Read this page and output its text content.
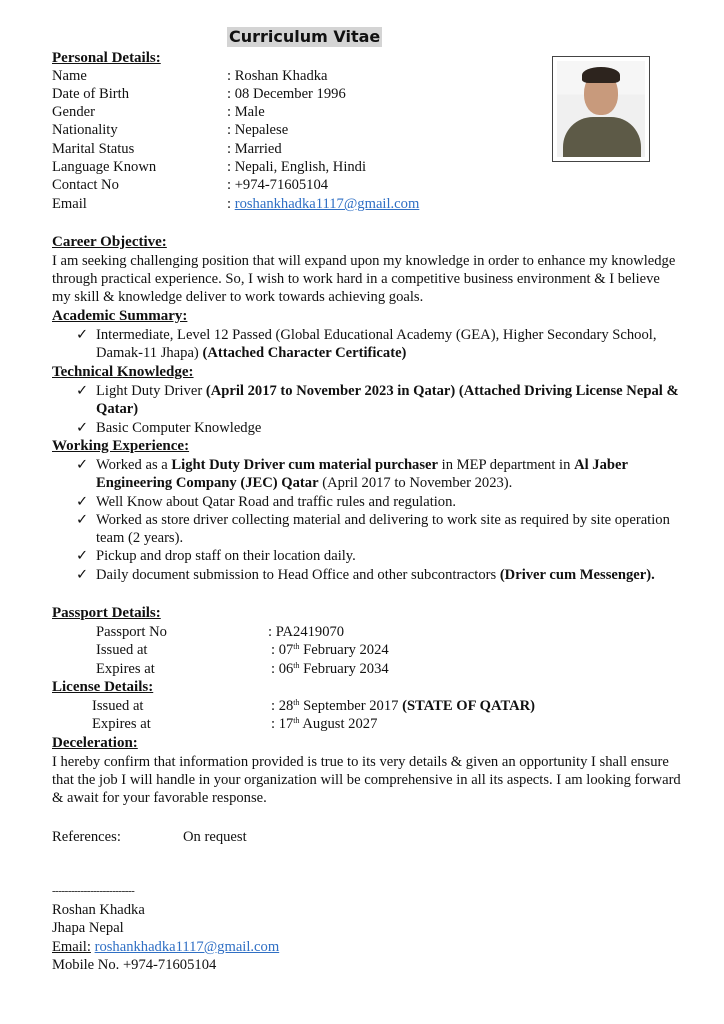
Curriculum Vitae
Personal Details:
Name	: Roshan Khadka
Date of Birth	: 08 December 1996
Gender	: Male
Nationality	: Nepalese
Marital Status	: Married
Language Known	: Nepali, English, Hindi
Contact No	: +974-71605104
Email	: roshankhadka1117@gmail.com
Career Objective:
I am seeking challenging position that will expand upon my knowledge in order to enhance my knowledge through practical experience. So, I wish to work hard in a competitive business environment & I believe my skill & knowledge deliver to work towards achieving goals.
Academic Summary:
✓ Intermediate, Level 12 Passed (Global Educational Academy (GEA), Higher Secondary School, Damak-11 Jhapa) (Attached Character Certificate)
Technical Knowledge:
✓ Light Duty Driver (April 2017 to November 2023 in Qatar) (Attached Driving License Nepal & Qatar)
✓ Basic Computer Knowledge
Working Experience:
✓ Worked as a Light Duty Driver cum material purchaser in MEP department in Al Jaber Engineering Company (JEC) Qatar (April 2017 to November 2023).
✓ Well Know about Qatar Road and traffic rules and regulation.
✓ Worked as store driver collecting material and delivering to work site as required by site operation team (2 years).
✓ Pickup and drop staff on their location daily.
✓ Daily document submission to Head Office and other subcontractors (Driver cum Messenger).
Passport Details:
Passport No	: PA2419070
Issued at	: 07th February 2024
Expires at	: 06th February 2034
License Details:
Issued at	: 28th September 2017 (STATE OF QATAR)
Expires at	: 17th August 2027
Deceleration:
I hereby confirm that information provided is true to its very details & given an opportunity I shall ensure that the job I will handle in your organization will be comprehensive in all its aspects. I am looking forward & await for your favorable response.
References:	On request
--------------------------
Roshan Khadka
Jhapa Nepal
Email: roshankhadka1117@gmail.com
Mobile No. +974-71605104
